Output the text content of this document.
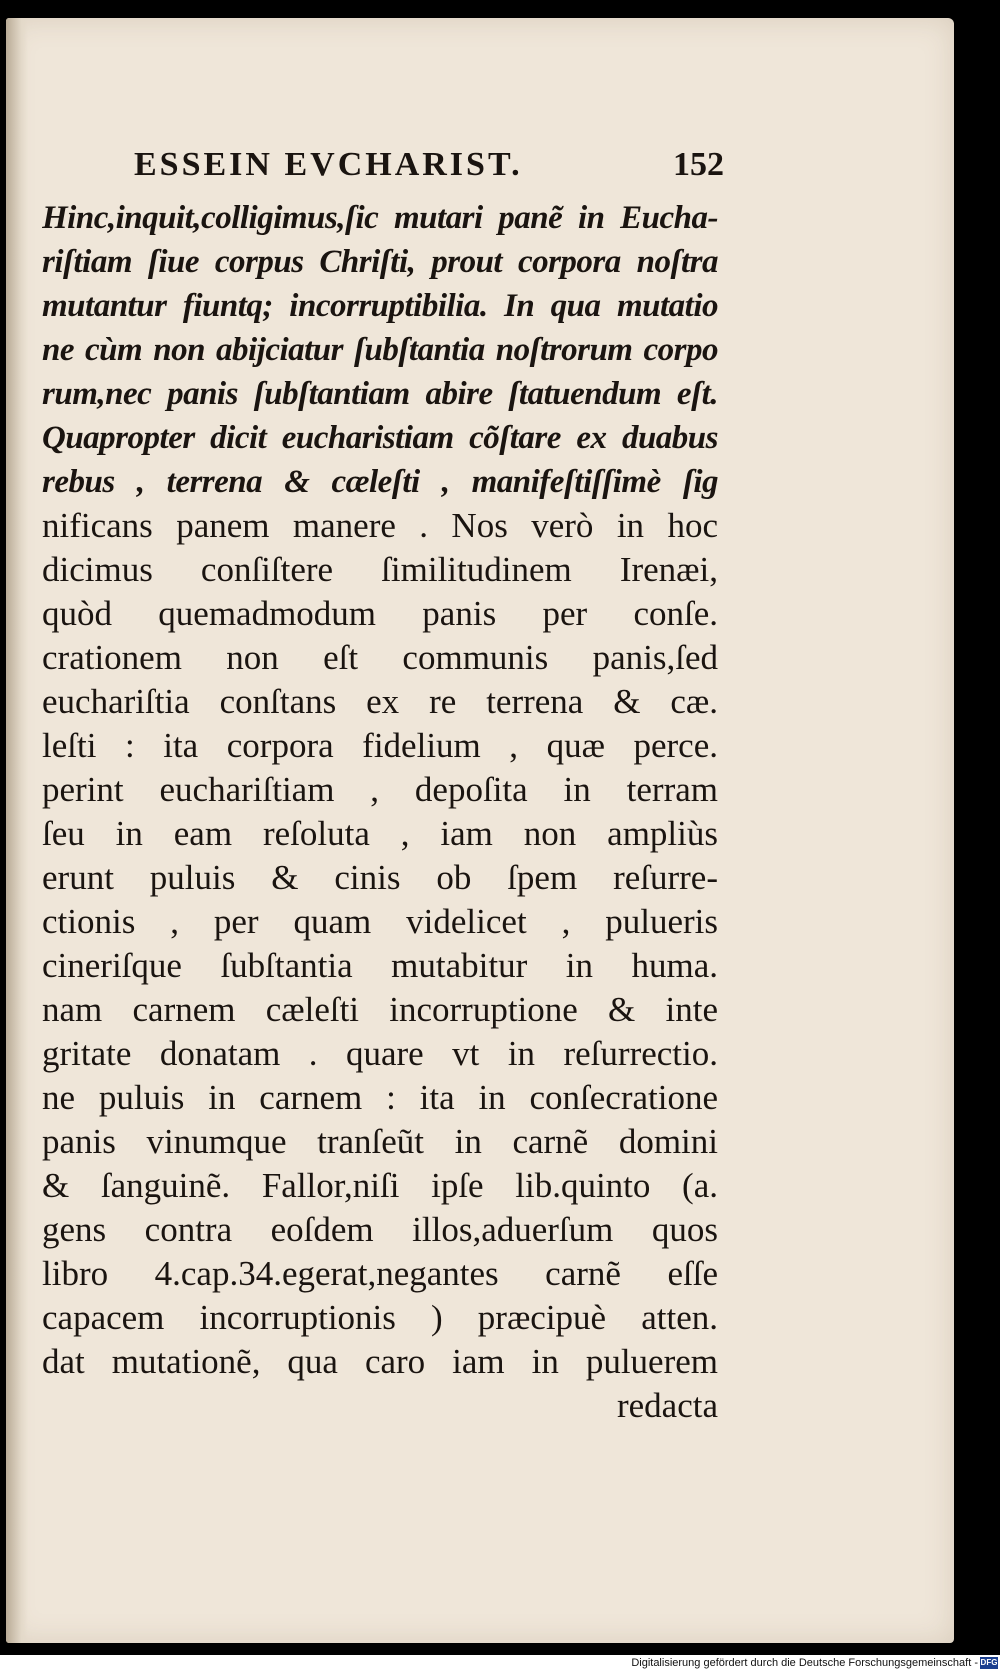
ESSEIN EVCHARIST.	152
Hinc,inquit,colligimus,ſic mutari panẽ in Eucha-
riſtiam ſiue corpus Chriſti, prout corpora noſtra
mutantur fiuntq; incorruptibilia. In qua mutatio
ne cùm non abijciatur ſubſtantia noſtrorum corpo
rum,nec panis ſubſtantiam abire ſtatuendum eſt.
Quapropter dicit eucharistiam cõſtare ex duabus
rebus , terrena & cæleſti , manifeſtiſſimè ſig
nificans panem manere . Nos verò in hoc
dicimus conſiſtere ſimilitudinem Irenæi,
quòd quemadmodum panis per conſe.
crationem non eſt communis panis,ſed
euchariſtia conſtans ex re terrena & cæ.
leſti : ita corpora fidelium , quæ perce.
perint euchariſtiam , depoſita in terram
ſeu in eam reſoluta , iam non ampliùs
erunt puluis & cinis ob ſpem reſurre-
ctionis , per quam videlicet , pulueris
cineriſque ſubſtantia mutabitur in huma.
nam carnem cæleſti incorruptione & inte
gritate donatam . quare vt in reſurrectio.
ne puluis in carnem : ita in conſecratione
panis vinumque tranſeũt in carnẽ domini
& ſanguinẽ. Fallor,niſi ipſe lib.quinto (a.
gens contra eoſdem illos,aduerſum quos
libro 4.cap.34.egerat,negantes carnẽ eſſe
capacem incorruptionis ) præcipuè atten.
dat mutationẽ, qua caro iam in puluerem
redacta
Digitalisierung gefördert durch die Deutsche Forschungsgemeinschaft - DFG
